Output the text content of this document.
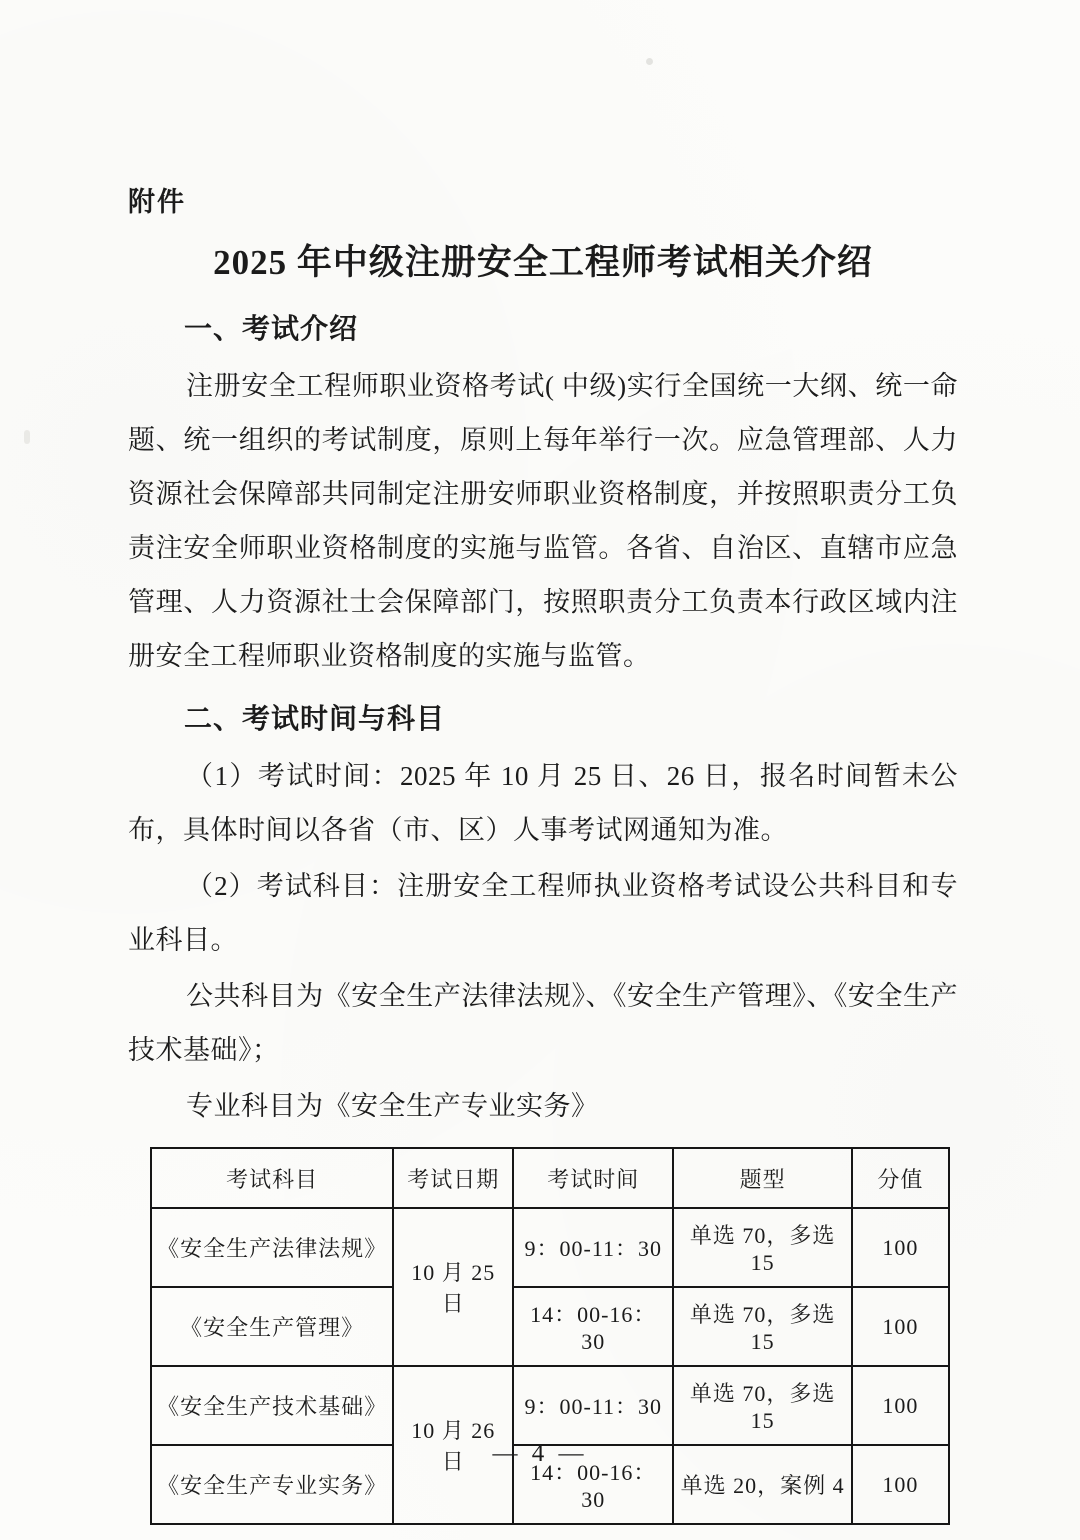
附件
2025 年中级注册安全工程师考试相关介绍
一、考试介绍

注册安全工程师职业资格考试( 中级)实行全国统一大纲、统一命题、统一组织的考试制度，原则上每年举行一次。应急管理部、人力资源社会保障部共同制定注册安师职业资格制度，并按照职责分工负责注安全师职业资格制度的实施与监管。各省、自治区、直辖市应急管理、人力资源社士会保障部门，按照职责分工负责本行政区域内注册安全工程师职业资格制度的实施与监管。

二、考试时间与科目

（1）考试时间：2025 年 10 月 25 日、26 日，报名时间暂未公布，具体时间以各省（市、区）人事考试网通知为准。

（2）考试科目：注册安全工程师执业资格考试设公共科目和专业科目。

公共科目为《安全生产法律法规》、《安全生产管理》、《安全生产技术基础》；

专业科目为《安全生产专业实务》

考试科目	考试日期	考试时间	题型	分值
《安全生产法律法规》	10 月 25 日	9：00-11：30	单选 70，多选 15	100
《安全生产管理》		14：00-16：30	单选 70，多选 15	100
《安全生产技术基础》	10 月 26 日	9：00-11：30	单选 70，多选 15	100
《安全生产专业实务》		14：00-16：30	单选 20，案例 4	100
— 4 —
